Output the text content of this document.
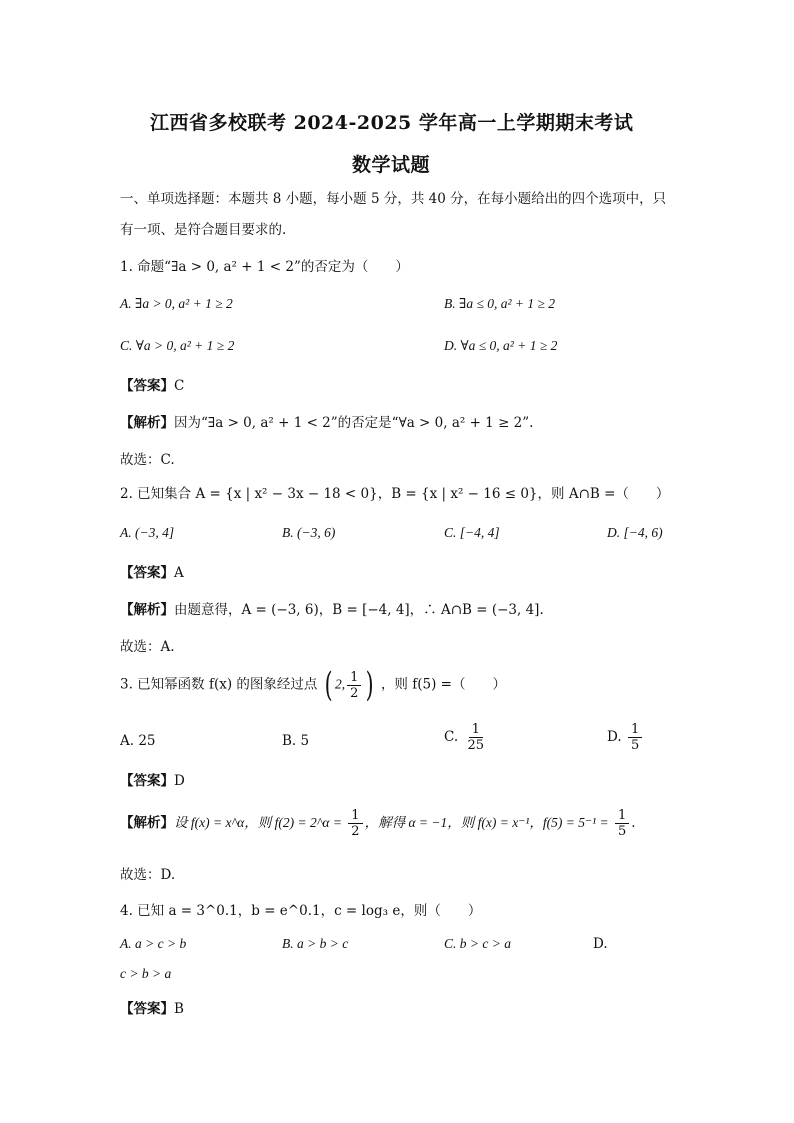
江西省多校联考 2024-2025 学年高一上学期期末考试
数学试题
一、单项选择题：本题共 8 小题，每小题 5 分，共 40 分，在每小题给出的四个选项中，只
有一项、是符合题目要求的.
1. 命题“∃a > 0, a² + 1 < 2”的否定为（　　）
A. ∃a > 0, a² + 1 ≥ 2	B. ∃a ≤ 0, a² + 1 ≥ 2
C. ∀a > 0, a² + 1 ≥ 2	D. ∀a ≤ 0, a² + 1 ≥ 2
【答案】C
【解析】因为“∃a > 0, a² + 1 < 2”的否定是“∀a > 0, a² + 1 ≥ 2”.
故选：C.
2. 已知集合 A = {x | x² − 3x − 18 < 0}，B = {x | x² − 16 ≤ 0}，则 A∩B =（　　）
A. (−3, 4]	B. (−3, 6)	C. [−4, 4]	D. [−4, 6)
【答案】A
【解析】由题意得，A = (−3, 6)，B = [−4, 4]，∴ A∩B = (−3, 4].
故选：A.
3. 已知幂函数 f(x) 的图象经过点 ( 2, $\frac{1}{2}$ ) ，则 f(5) =（　　）
A. 25	B. 5	C. $\frac{1}{25}$	D. $\frac{1}{5}$
【答案】D
【解析】设 f(x) = x^α，则 f(2) = 2^α = $\frac{1}{2}$ ，解得 α = −1，则 f(x) = x⁻¹，$f(5) = 5^{-1} = \frac{1}{5}$ .
故选：D.
4. 已知 a = 3^0.1，b = e^0.1，c = log₃ e，则（　　）
A. a > c > b	B. a > b > c	C. b > c > a	D.
c > b > a
【答案】B
